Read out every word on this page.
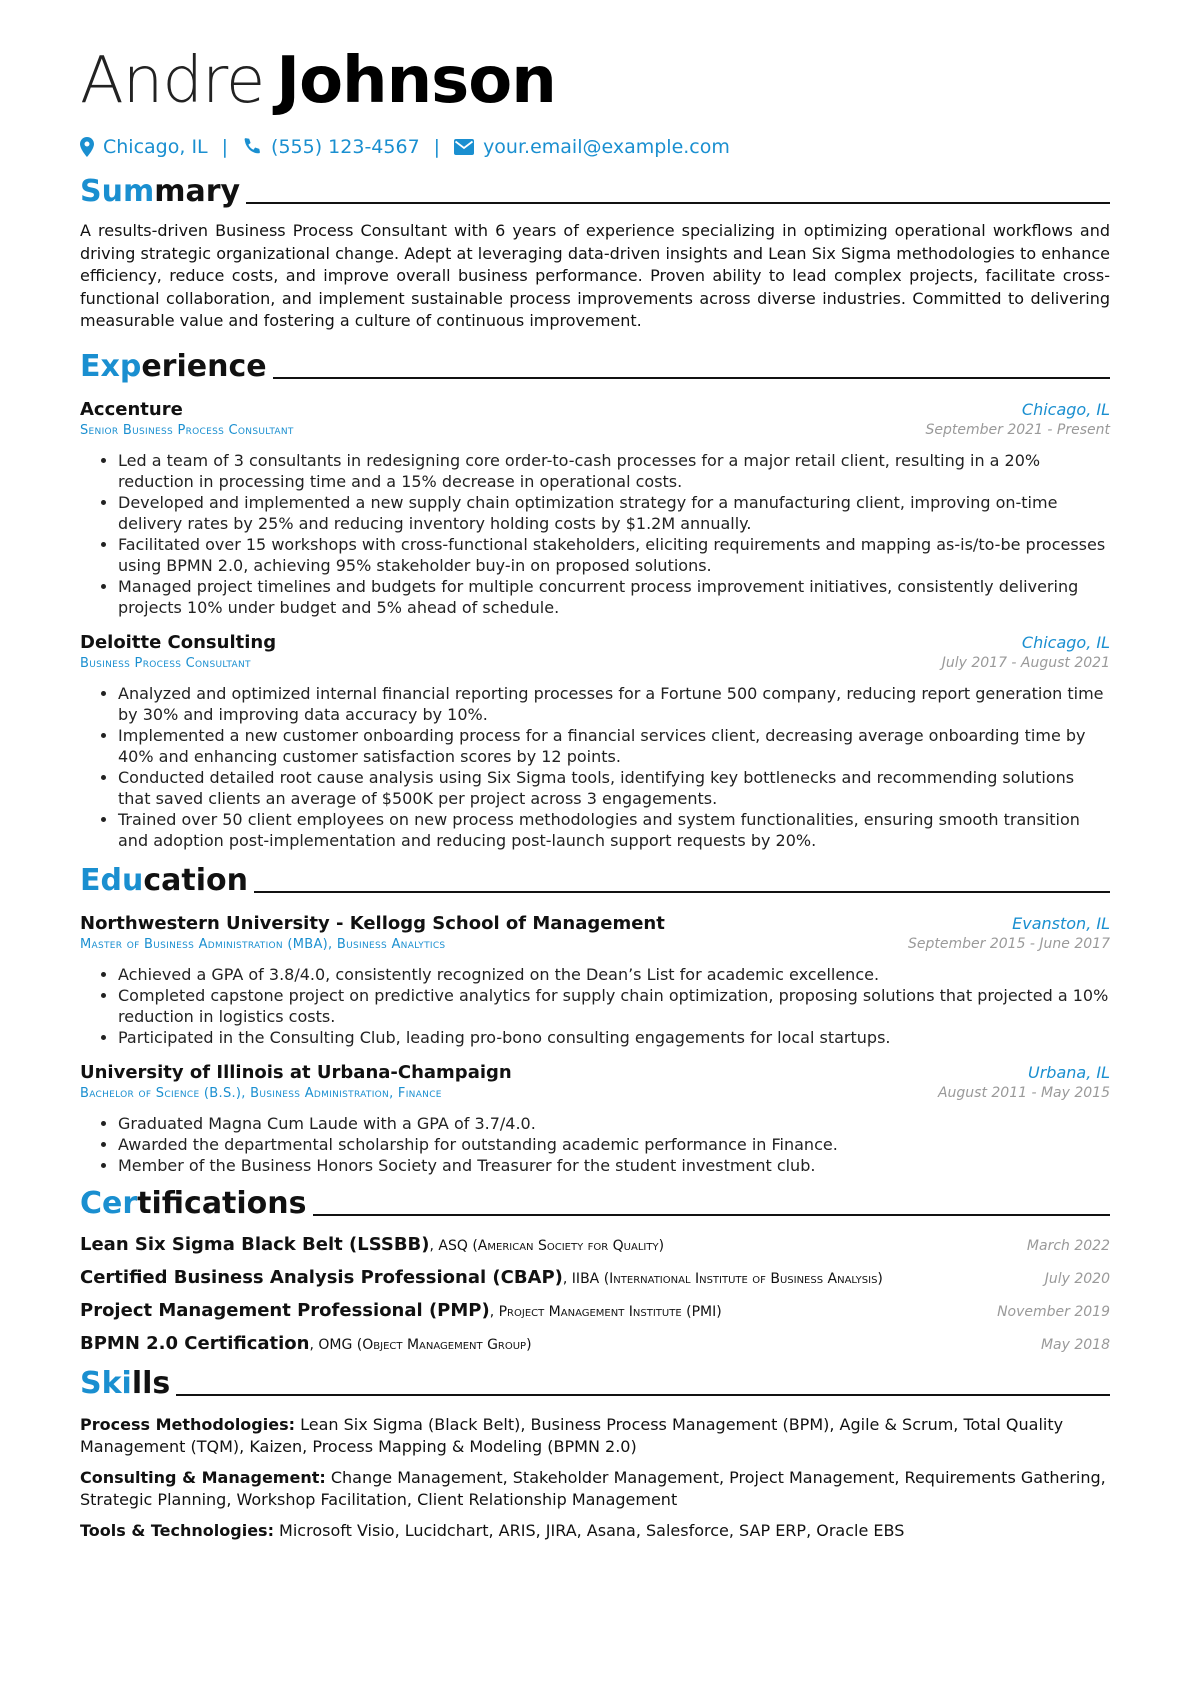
Andre Johnson
Chicago, IL | (555) 123-4567 | your.email@example.com
Summary
A results-driven Business Process Consultant with 6 years of experience specializing in optimizing operational workflows and driving strategic organizational change. Adept at leveraging data-driven insights and Lean Six Sigma methodologies to enhance efficiency, reduce costs, and improve overall business performance. Proven ability to lead complex projects, facilitate cross-functional collaboration, and implement sustainable process improvements across diverse industries. Committed to delivering measurable value and fostering a culture of continuous improvement.
Experience
Accenture	Chicago, IL
Senior Business Process Consultant	September 2021 - Present
• Led a team of 3 consultants in redesigning core order-to-cash processes for a major retail client, resulting in a 20% reduction in processing time and a 15% decrease in operational costs.
• Developed and implemented a new supply chain optimization strategy for a manufacturing client, improving on-time delivery rates by 25% and reducing inventory holding costs by $1.2M annually.
• Facilitated over 15 workshops with cross-functional stakeholders, eliciting requirements and mapping as-is/to-be processes using BPMN 2.0, achieving 95% stakeholder buy-in on proposed solutions.
• Managed project timelines and budgets for multiple concurrent process improvement initiatives, consistently delivering projects 10% under budget and 5% ahead of schedule.
Deloitte Consulting	Chicago, IL
Business Process Consultant	July 2017 - August 2021
• Analyzed and optimized internal financial reporting processes for a Fortune 500 company, reducing report generation time by 30% and improving data accuracy by 10%.
• Implemented a new customer onboarding process for a financial services client, decreasing average onboarding time by 40% and enhancing customer satisfaction scores by 12 points.
• Conducted detailed root cause analysis using Six Sigma tools, identifying key bottlenecks and recommending solutions that saved clients an average of $500K per project across 3 engagements.
• Trained over 50 client employees on new process methodologies and system functionalities, ensuring smooth transition and adoption post-implementation and reducing post-launch support requests by 20%.
Education
Northwestern University - Kellogg School of Management	Evanston, IL
Master of Business Administration (MBA), Business Analytics	September 2015 - June 2017
• Achieved a GPA of 3.8/4.0, consistently recognized on the Dean’s List for academic excellence.
• Completed capstone project on predictive analytics for supply chain optimization, proposing solutions that projected a 10% reduction in logistics costs.
• Participated in the Consulting Club, leading pro-bono consulting engagements for local startups.
University of Illinois at Urbana-Champaign	Urbana, IL
Bachelor of Science (B.S.), Business Administration, Finance	August 2011 - May 2015
• Graduated Magna Cum Laude with a GPA of 3.7/4.0.
• Awarded the departmental scholarship for outstanding academic performance in Finance.
• Member of the Business Honors Society and Treasurer for the student investment club.
Certifications
Lean Six Sigma Black Belt (LSSBB), ASQ (American Society for Quality)	March 2022
Certified Business Analysis Professional (CBAP), IIBA (International Institute of Business Analysis)	July 2020
Project Management Professional (PMP), Project Management Institute (PMI)	November 2019
BPMN 2.0 Certification, OMG (Object Management Group)	May 2018
Skills
Process Methodologies: Lean Six Sigma (Black Belt), Business Process Management (BPM), Agile & Scrum, Total Quality Management (TQM), Kaizen, Process Mapping & Modeling (BPMN 2.0)
Consulting & Management: Change Management, Stakeholder Management, Project Management, Requirements Gathering, Strategic Planning, Workshop Facilitation, Client Relationship Management
Tools & Technologies: Microsoft Visio, Lucidchart, ARIS, JIRA, Asana, Salesforce, SAP ERP, Oracle EBS
